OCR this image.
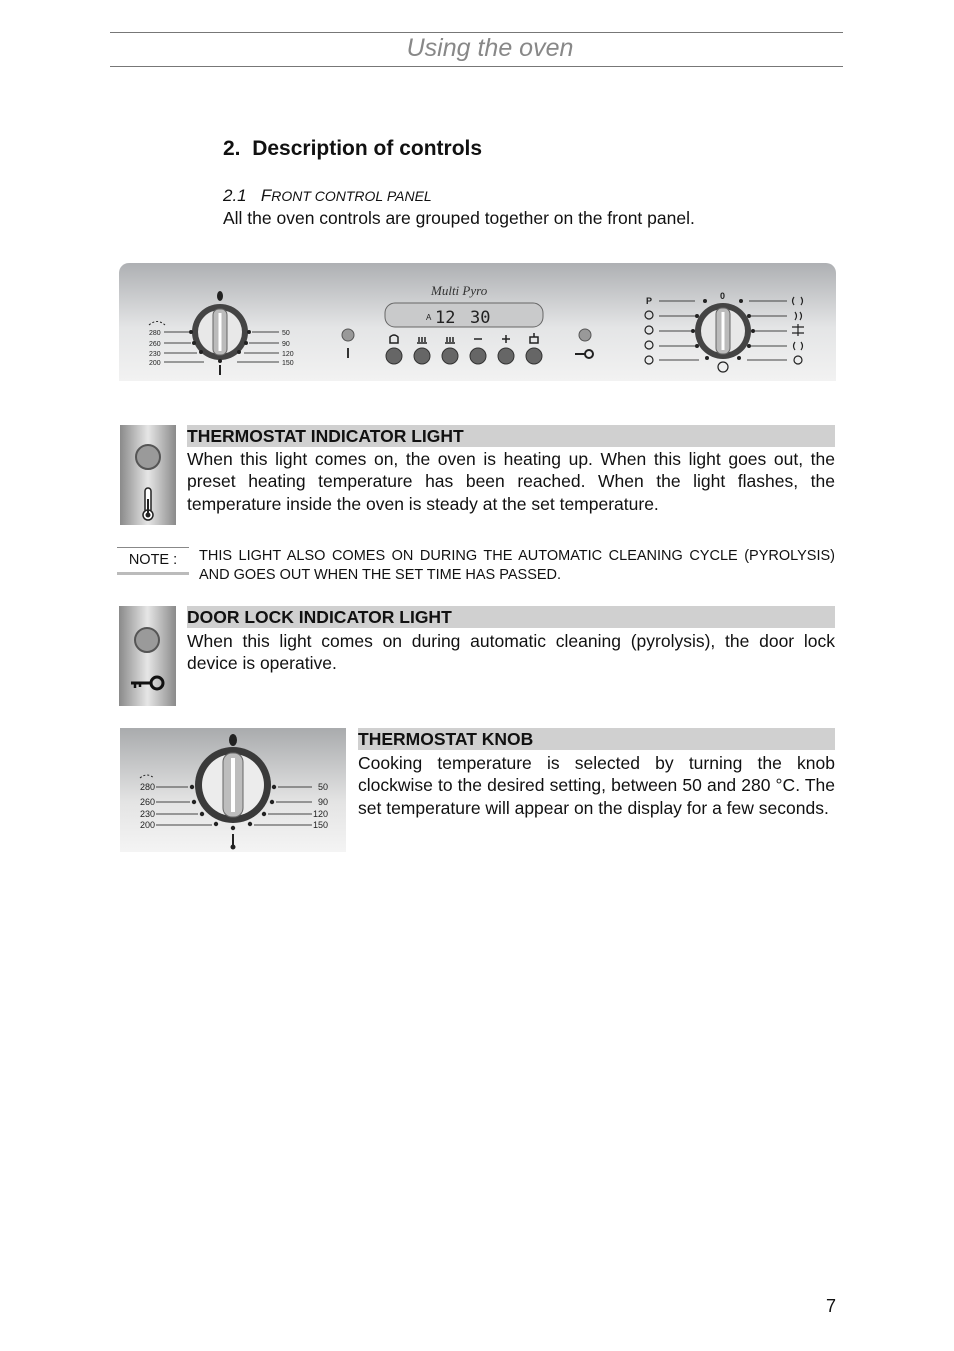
Using the oven
2. Description of controls
2.1 FRONT CONTROL PANEL
All the oven controls are grouped together on the front panel.
280
260
230
200
50
90
120
150
Multi Pyro
A 12 30
0
P
THERMOSTAT INDICATOR LIGHT
When this light comes on, the oven is heating up. When this light goes out, the preset heating temperature has been reached. When the light flashes, the temperature inside the oven is steady at the set temperature.
NOTE :	THIS LIGHT ALSO COMES ON DURING THE AUTOMATIC CLEANING CYCLE (PYROLYSIS) AND GOES OUT WHEN THE SET TIME HAS PASSED.
DOOR LOCK INDICATOR LIGHT
When this light comes on during automatic cleaning (pyrolysis), the door lock device is operative.
280
260
230
200
50
90
120
150
THERMOSTAT KNOB
Cooking temperature is selected by turning the knob clockwise to the desired setting, between 50 and 280 °C. The set temperature will appear on the display for a few seconds.
7
